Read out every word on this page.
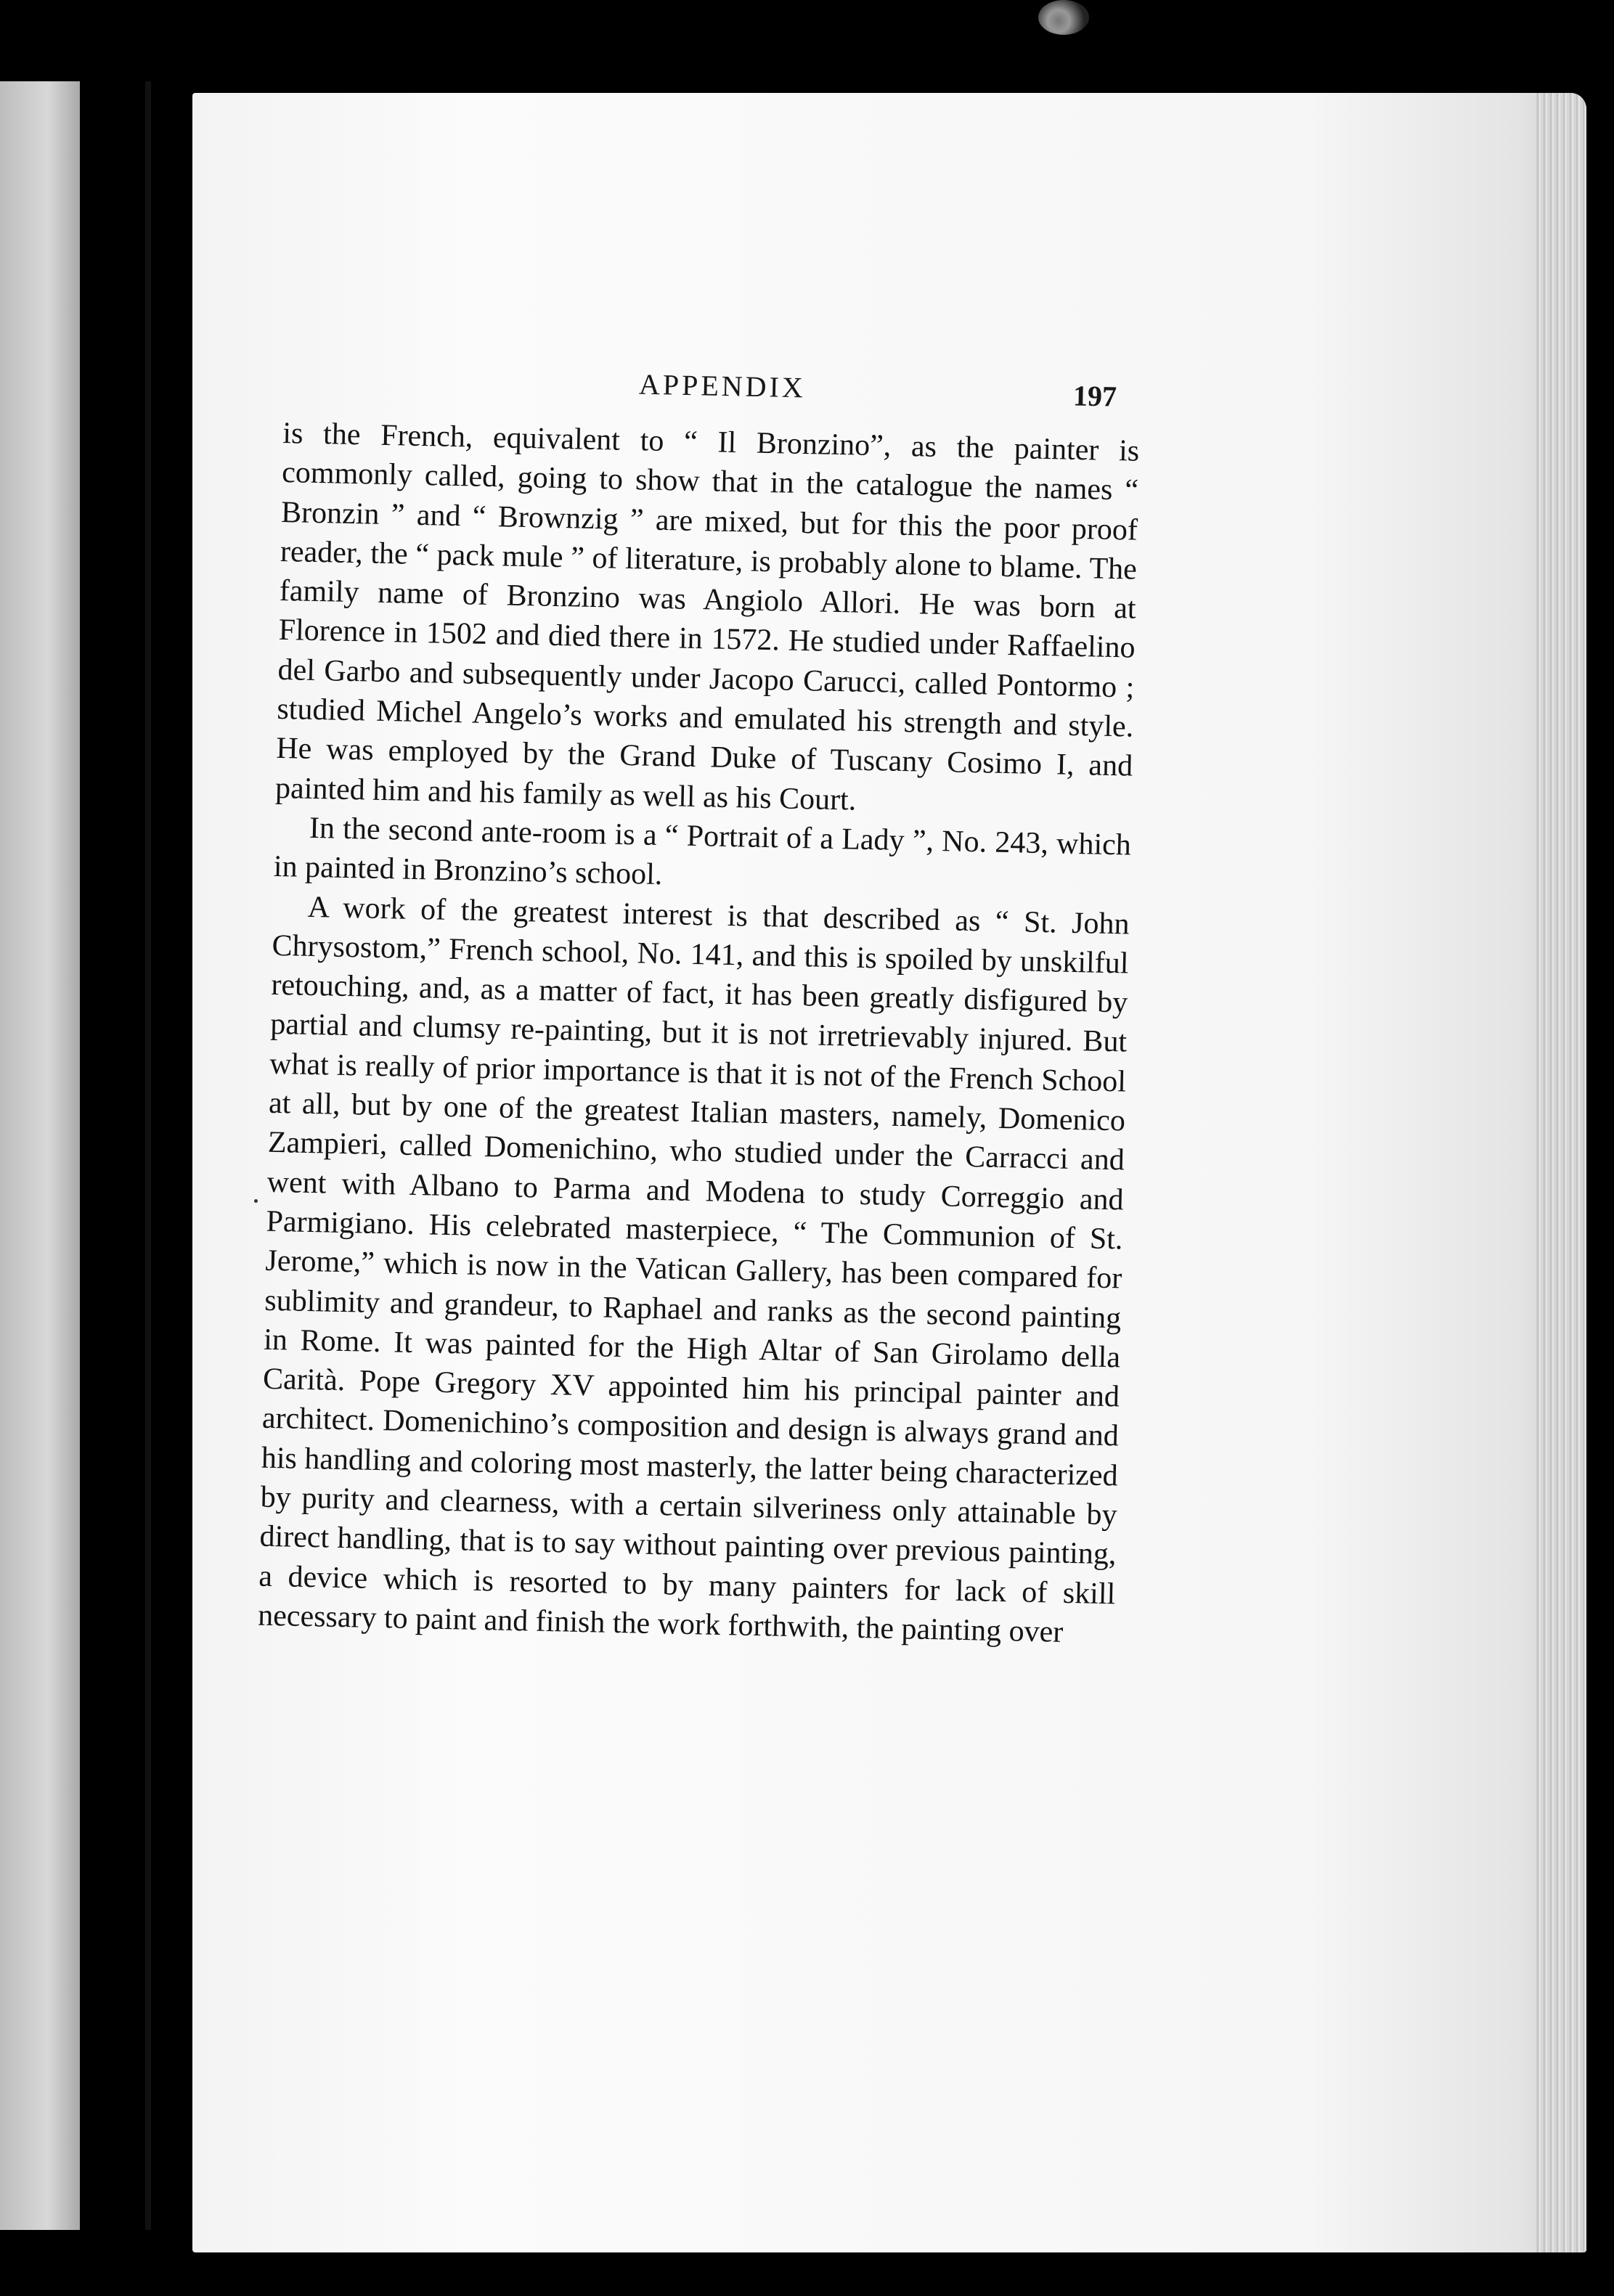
APPENDIX	197

is the French, equivalent to “ Il Bronzino”, as the painter is commonly called, going to show that in the catalogue the names “ Bronzin ” and “ Brownzig ” are mixed, but for this the poor proof reader, the “ pack mule ” of literature, is probably alone to blame. The family name of Bronzino was Angiolo Allori. He was born at Florence in 1502 and died there in 1572. He studied under Raffaelino del Garbo and subsequently under Jacopo Carucci, called Pontormo ; studied Michel Angelo’s works and emulated his strength and style. He was employed by the Grand Duke of Tuscany Cosimo I, and painted him and his family as well as his Court.

In the second ante-room is a “ Portrait of a Lady ”, No. 243, which in painted in Bronzino’s school.

A work of the greatest interest is that described as “ St. John Chrysostom,” French school, No. 141, and this is spoiled by unskilful retouching, and, as a matter of fact, it has been greatly disfigured by partial and clumsy re-painting, but it is not irretrievably injured. But what is really of prior importance is that it is not of the French School at all, but by one of the greatest Italian masters, namely, Domenico Zampieri, called Domenichino, who studied under the Carracci and went with Albano to Parma and Modena to study Correggio and Parmigiano. His celebrated masterpiece, “ The Communion of St. Jerome,” which is now in the Vatican Gallery, has been compared for sublimity and grandeur, to Raphael and ranks as the second painting in Rome. It was painted for the High Altar of San Girolamo della Carità. Pope Gregory XV appointed him his principal painter and architect. Domenichino’s composition and design is always grand and his handling and coloring most masterly, the latter being characterized by purity and clearness, with a certain silveriness only attainable by direct handling, that is to say without painting over previous painting, a device which is resorted to by many painters for lack of skill necessary to paint and finish the work forthwith, the painting over
